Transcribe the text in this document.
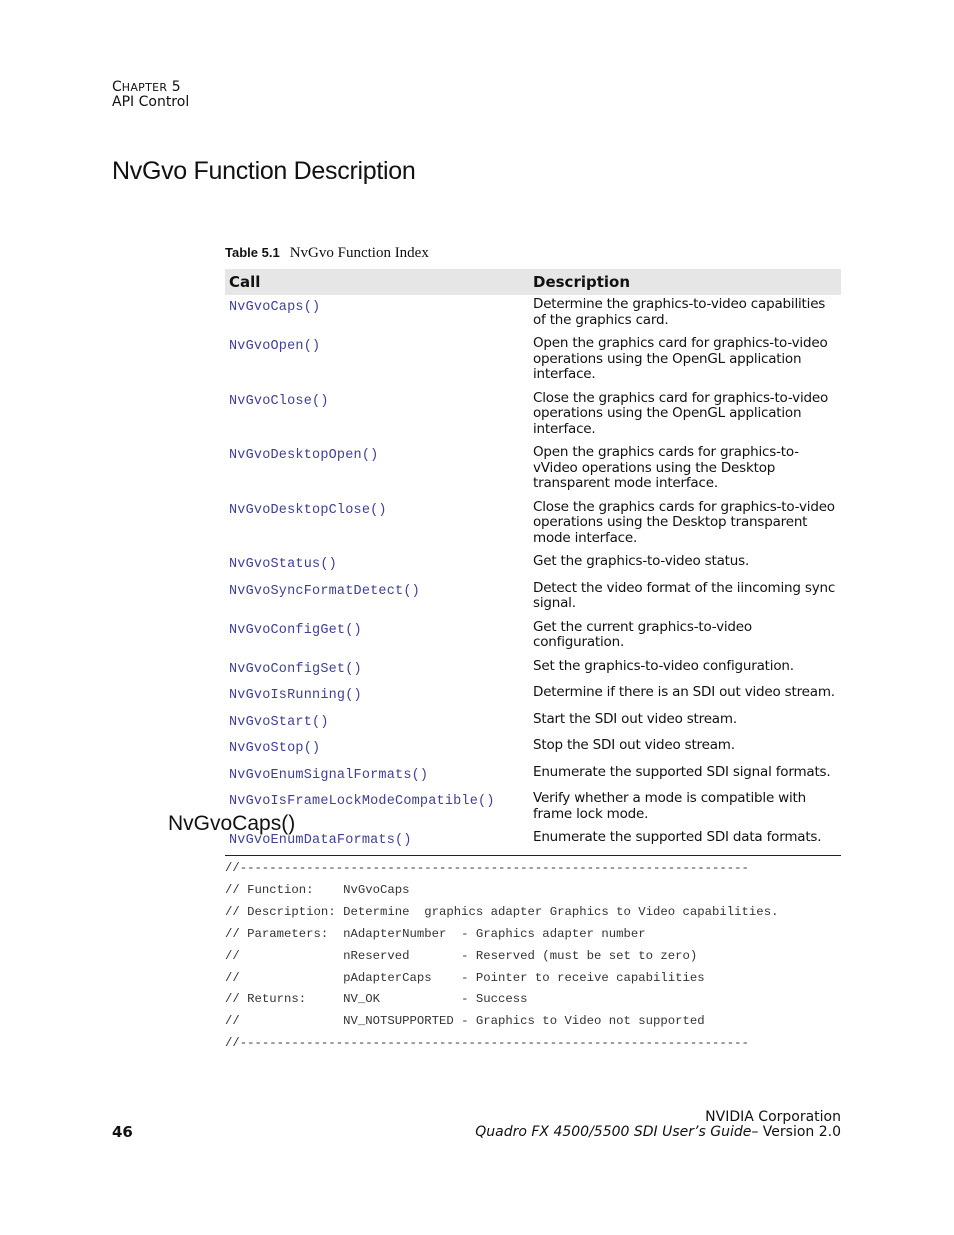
CHAPTER 5
API Control
NvGvo Function Description
Table 5.1 NvGvo Function Index
Call	Description
NvGvoCaps()	Determine the graphics-to-video capabilities of the graphics card.
NvGvoOpen()	Open the graphics card for graphics-to-video operations using the OpenGL application interface.
NvGvoClose()	Close the graphics card for graphics-to-video operations using the OpenGL application interface.
NvGvoDesktopOpen()	Open the graphics cards for graphics-to-vVideo operations using the Desktop transparent mode interface.
NvGvoDesktopClose()	Close the graphics cards for graphics-to-video operations using the Desktop transparent mode interface.
NvGvoStatus()	Get the graphics-to-video status.
NvGvoSyncFormatDetect()	Detect the video format of the iincoming sync signal.
NvGvoConfigGet()	Get the current graphics-to-video configuration.
NvGvoConfigSet()	Set the graphics-to-video configuration.
NvGvoIsRunning()	Determine if there is an SDI out video stream.
NvGvoStart()	Start the SDI out video stream.
NvGvoStop()	Stop the SDI out video stream.
NvGvoEnumSignalFormats()	Enumerate the supported SDI signal formats.
NvGvoIsFrameLockModeCompatible()	Verify whether a mode is compatible with frame lock mode.
NvGvoEnumDataFormats()	Enumerate the supported SDI data formats.
NvGvoCaps()
//---------------------------------------------------------------------
// Function:    NvGvoCaps
// Description: Determine  graphics adapter Graphics to Video capabilities.
// Parameters:  nAdapterNumber  - Graphics adapter number
//              nReserved       - Reserved (must be set to zero)
//              pAdapterCaps    - Pointer to receive capabilities
// Returns:     NV_OK           - Success
//              NV_NOTSUPPORTED - Graphics to Video not supported
//---------------------------------------------------------------------
46
NVIDIA Corporation
Quadro FX 4500/5500 SDI User’s Guide– Version 2.0
